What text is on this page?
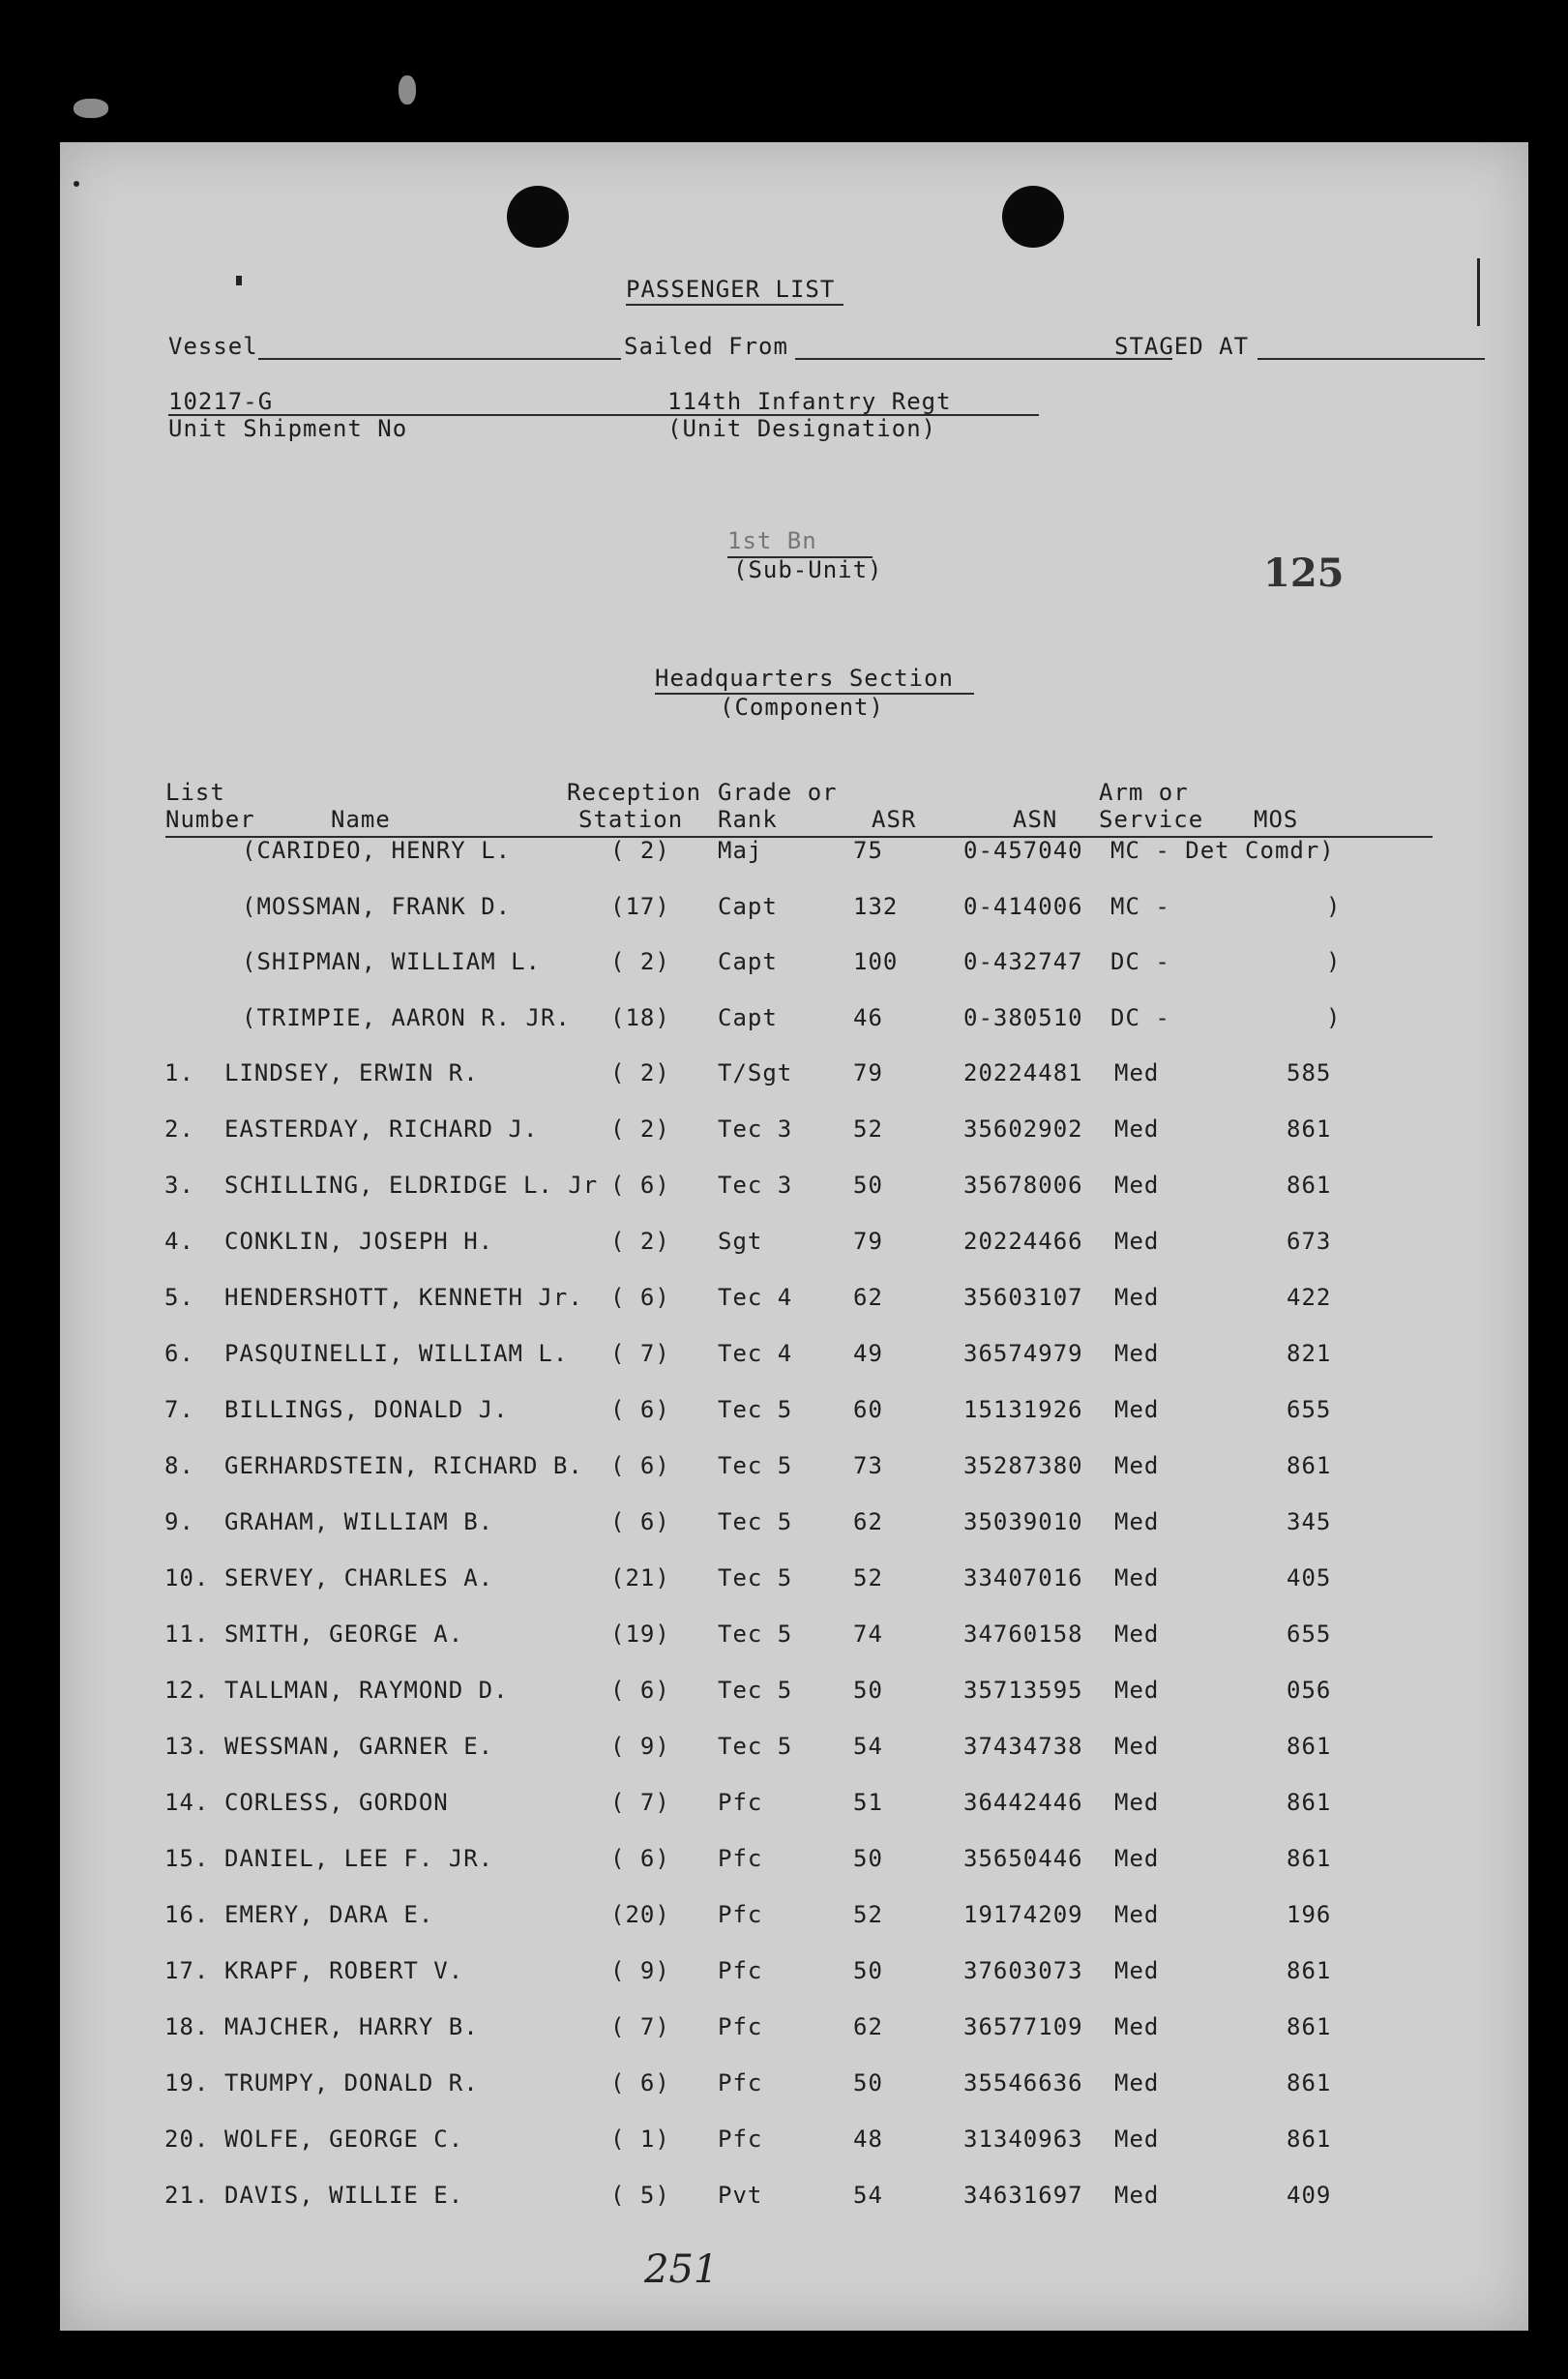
PASSENGER LIST
Vessel	Sailed From	STAGED AT
10217-G
Unit Shipment No
114th Infantry Regt
(Unit Designation)
1st Bn
(Sub-Unit)	125
Headquarters Section
(Component)
List
Number	Name
Reception
Station
Grade or
Rank	ASR	ASN
Arm or
Service MOS
(CARIDEO, HENRY L.	( 2) Maj	75	0-457040 MC - Det Comdr)
(MOSSMAN, FRANK D.	(17) Capt	132	0-414006 MC -	)
(SHIPMAN, WILLIAM L.	( 2) Capt	100	0-432747 DC -	)
(TRIMPIE, AARON R. JR. (18) Capt	46	0-380510 DC -	)
1. LINDSEY, ERWIN R.	( 2) T/Sgt	79	20224481 Med	585
2. EASTERDAY, RICHARD J.	( 2) Tec 3	52	35602902 Med	861
3. SCHILLING, ELDRIDGE L. Jr ( 6) Tec 3	50	35678006 Med	861
4. CONKLIN, JOSEPH H.	( 2) Sgt	79	20224466 Med	673
5. HENDERSHOTT, KENNETH Jr. ( 6) Tec 4	62	35603107 Med	422
6. PASQUINELLI, WILLIAM L. ( 7) Tec 4	49	36574979 Med	821
7. BILLINGS, DONALD J.	( 6) Tec 5	60	15131926 Med	655
8. GERHARDSTEIN, RICHARD B. ( 6) Tec 5	73	35287380 Med	861
9. GRAHAM, WILLIAM B.	( 6) Tec 5	62	35039010 Med	345
10. SERVEY, CHARLES A.	(21) Tec 5	52	33407016 Med	405
11. SMITH, GEORGE A.	(19) Tec 5	74	34760158 Med	655
12. TALLMAN, RAYMOND D.	( 6) Tec 5	50	35713595 Med	056
13. WESSMAN, GARNER E.	( 9) Tec 5	54	37434738 Med	861
14. CORLESS, GORDON	( 7) Pfc	51	36442446 Med	861
15. DANIEL, LEE F. JR.	( 6) Pfc	50	35650446 Med	861
16. EMERY, DARA E.	(20) Pfc	52	19174209 Med	196
17. KRAPF, ROBERT V.	( 9) Pfc	50	37603073 Med	861
18. MAJCHER, HARRY B.	( 7) Pfc	62	36577109 Med	861
19. TRUMPY, DONALD R.	( 6) Pfc	50	35546636 Med	861
20. WOLFE, GEORGE C.	( 1) Pfc	48	31340963 Med	861
21. DAVIS, WILLIE E.	( 5) Pvt	54	34631697 Med	409
251
